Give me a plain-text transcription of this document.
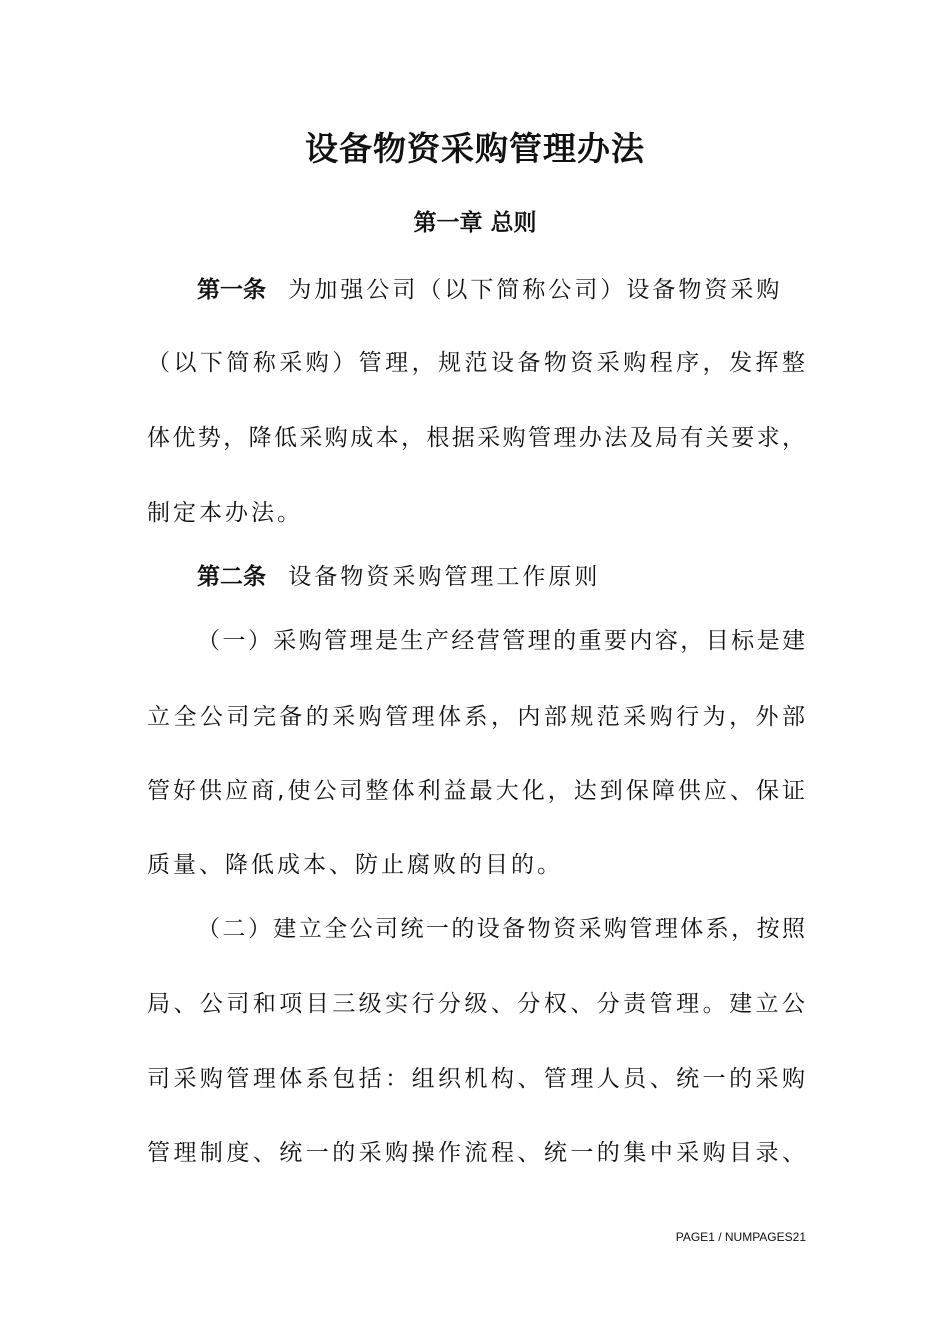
设备物资采购管理办法
第一章 总则

第一条 为加强公司（以下简称公司）设备物资采购

（以下简称采购）管理，规范设备物资采购程序，发挥整

体优势，降低采购成本，根据采购管理办法及局有关要求，

制定本办法。

第二条 设备物资采购管理工作原则

（一）采购管理是生产经营管理的重要内容，目标是建

立全公司完备的采购管理体系，内部规范采购行为，外部

管好供应商,使公司整体利益最大化，达到保障供应、保证

质量、降低成本、防止腐败的目的。

（二）建立全公司统一的设备物资采购管理体系，按照

局、公司和项目三级实行分级、分权、分责管理。建立公

司采购管理体系包括：组织机构、管理人员、统一的采购

管理制度、统一的采购操作流程、统一的集中采购目录、

PAGE1 / NUMPAGES21
